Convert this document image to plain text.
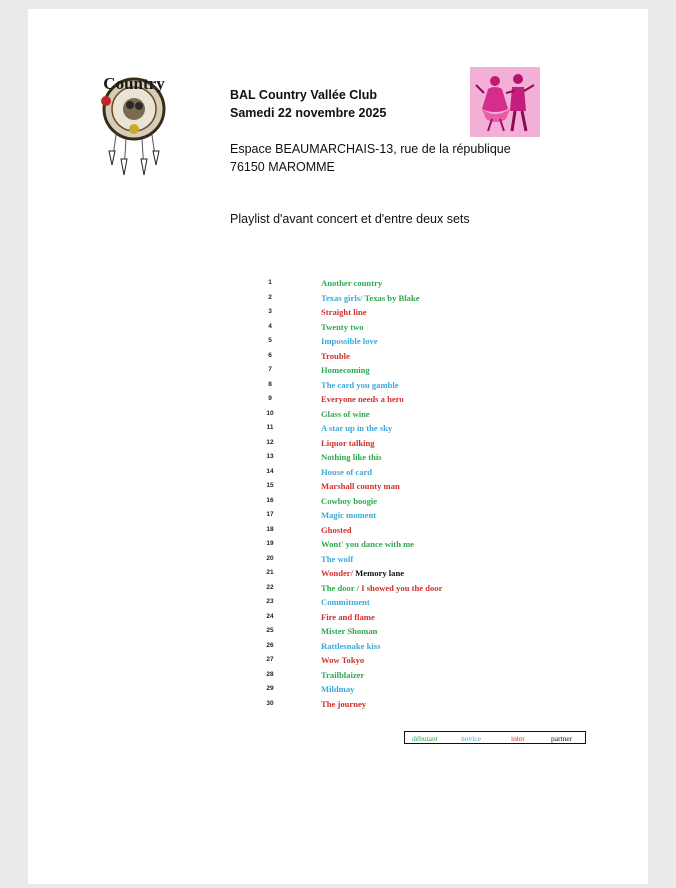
Country
BAL Country Vallée Club
Samedi 22 novembre 2025
Espace BEAUMARCHAIS-13, rue de la république
76150 MAROMME
Playlist d'avant concert et d'entre deux sets
1	Another country
2	Texas girls/ Texas by Blake
3	Straight line
4	Twenty two
5	Impossible love
6	Trouble
7	Homecoming
8	The card you gamble
9	Everyone needs a hero
10	Glass of wine
11	A star up in the sky
12	Liquor talking
13	Nothing like this
14	House of card
15	Marshall county man
16	Cowboy boogie
17	Magic moment
18	Ghosted
19	Wont' you dance with me
20	The wolf
21	Wonder/ Memory lane
22	The door / I showed you the door
23	Commitment
24	Fire and flame
25	Mister Shoman
26	Rattlesnake kiss
27	Wow Tokyo
28	Trailblaizer
29	Mildmay
30	The journey
débutant	novice	inter	partner
